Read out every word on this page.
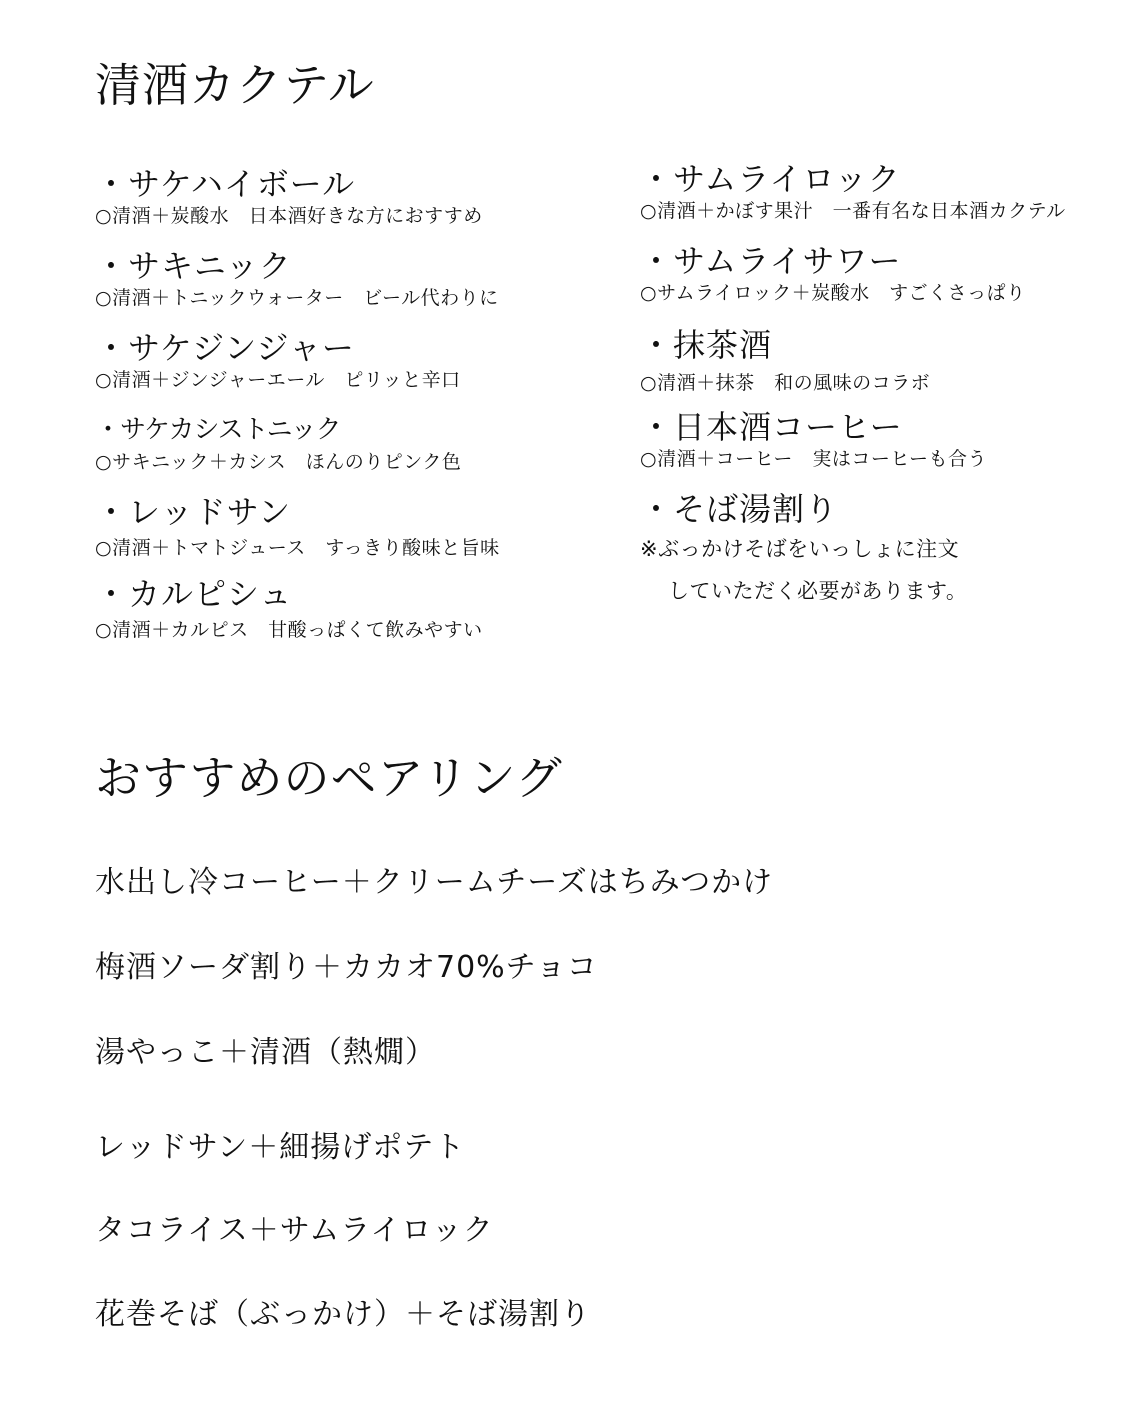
清酒カクテル
・サケハイボール
○清酒＋炭酸水　日本酒好きな方におすすめ
・サキニック
○清酒＋トニックウォーター　ビール代わりに
・サケジンジャー
○清酒＋ジンジャーエール　ピリッと辛口
・サケカシストニック
○サキニック＋カシス　ほんのりピンク色
・レッドサン
○清酒＋トマトジュース　すっきり酸味と旨味
・カルピシュ
○清酒＋カルピス　甘酸っぱくて飲みやすい
・サムライロック
○清酒＋かぼす果汁　一番有名な日本酒カクテル
・サムライサワー
○サムライロック＋炭酸水　すごくさっぱり
・抹茶酒
○清酒＋抹茶　和の風味のコラボ
・日本酒コーヒー
○清酒＋コーヒー　実はコーヒーも合う
・そば湯割り
※ぶっかけそばをいっしょに注文
していただく必要があります。
おすすめのペアリング

水出し冷コーヒー＋クリームチーズはちみつかけ

梅酒ソーダ割り＋カカオ70%チョコ

湯やっこ＋清酒（熱燗）

レッドサン＋細揚げポテト

タコライス＋サムライロック

花巻そば（ぶっかけ）＋そば湯割り
